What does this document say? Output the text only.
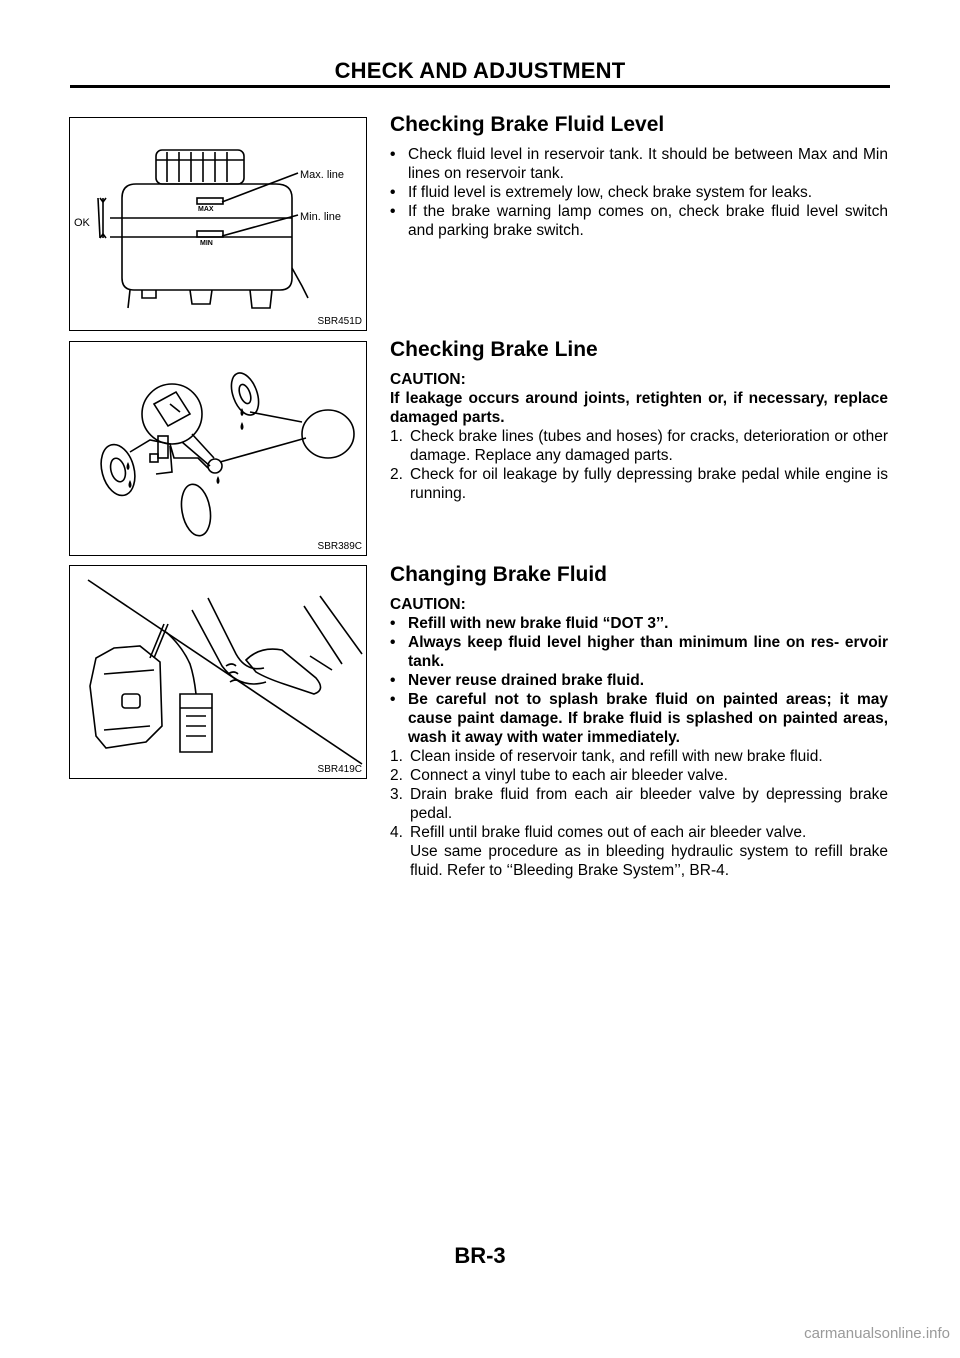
CHECK AND ADJUSTMENT
Max. line
Min. line
OK
MAX
MIN
SBR451D
SBR389C
SBR419C
Checking Brake Fluid Level
• Check fluid level in reservoir tank. It should be between Max and Min lines on reservoir tank.
• If fluid level is extremely low, check brake system for leaks.
• If the brake warning lamp comes on, check brake fluid level switch and parking brake switch.
Checking Brake Line
CAUTION:
If leakage occurs around joints, retighten or, if necessary, replace damaged parts.
1. Check brake lines (tubes and hoses) for cracks, deterioration or other damage. Replace any damaged parts.
2. Check for oil leakage by fully depressing brake pedal while engine is running.
Changing Brake Fluid
CAUTION:
• Refill with new brake fluid “DOT 3’’.
• Always keep fluid level higher than minimum line on res- ervoir tank.
• Never reuse drained brake fluid.
• Be careful not to splash brake fluid on painted areas; it may cause paint damage. If brake fluid is splashed on painted areas, wash it away with water immediately.
1. Clean inside of reservoir tank, and refill with new brake fluid.
2. Connect a vinyl tube to each air bleeder valve.
3. Drain brake fluid from each air bleeder valve by depressing brake pedal.
4. Refill until brake fluid comes out of each air bleeder valve.
Use same procedure as in bleeding hydraulic system to refill brake fluid. Refer to ‘‘Bleeding Brake System’’, BR-4.
BR-3
carmanualsonline.info
